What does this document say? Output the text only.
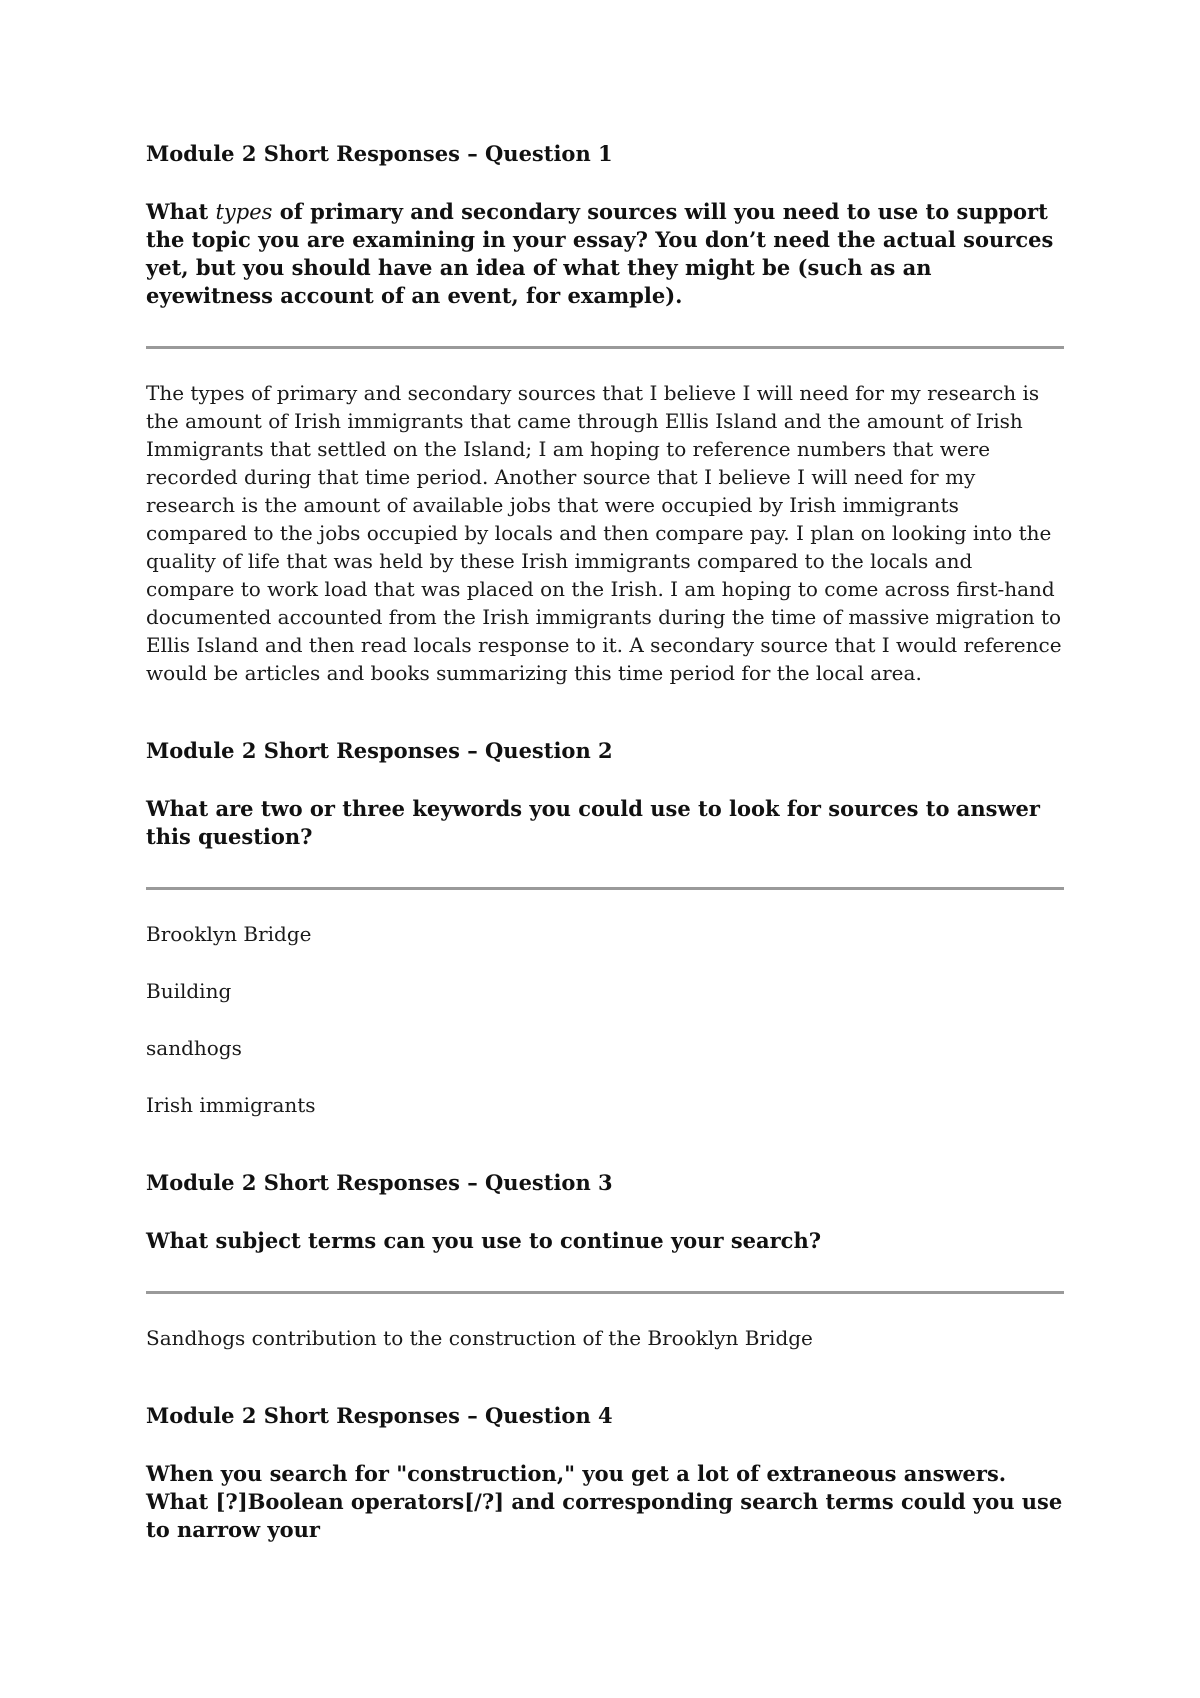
Module 2 Short Responses – Question 1

What types of primary and secondary sources will you need to use to support the topic you are examining in your essay? You don’t need the actual sources yet, but you should have an idea of what they might be (such as an eyewitness account of an event, for example).

The types of primary and secondary sources that I believe I will need for my research is the amount of Irish immigrants that came through Ellis Island and the amount of Irish Immigrants that settled on the Island; I am hoping to reference numbers that were recorded during that time period. Another source that I believe I will need for my research is the amount of available jobs that were occupied by Irish immigrants compared to the jobs occupied by locals and then compare pay. I plan on looking into the quality of life that was held by these Irish immigrants compared to the locals and compare to work load that was placed on the Irish. I am hoping to come across first-hand documented accounted from the Irish immigrants during the time of massive migration to Ellis Island and then read locals response to it. A secondary source that I would reference would be articles and books summarizing this time period for the local area.

Module 2 Short Responses – Question 2

What are two or three keywords you could use to look for sources to answer this question?

Brooklyn Bridge

Building

sandhogs

Irish immigrants

Module 2 Short Responses – Question 3

What subject terms can you use to continue your search?

Sandhogs contribution to the construction of the Brooklyn Bridge

Module 2 Short Responses – Question 4

When you search for "construction," you get a lot of extraneous answers. What [?]Boolean operators[/?] and corresponding search terms could you use to narrow your
